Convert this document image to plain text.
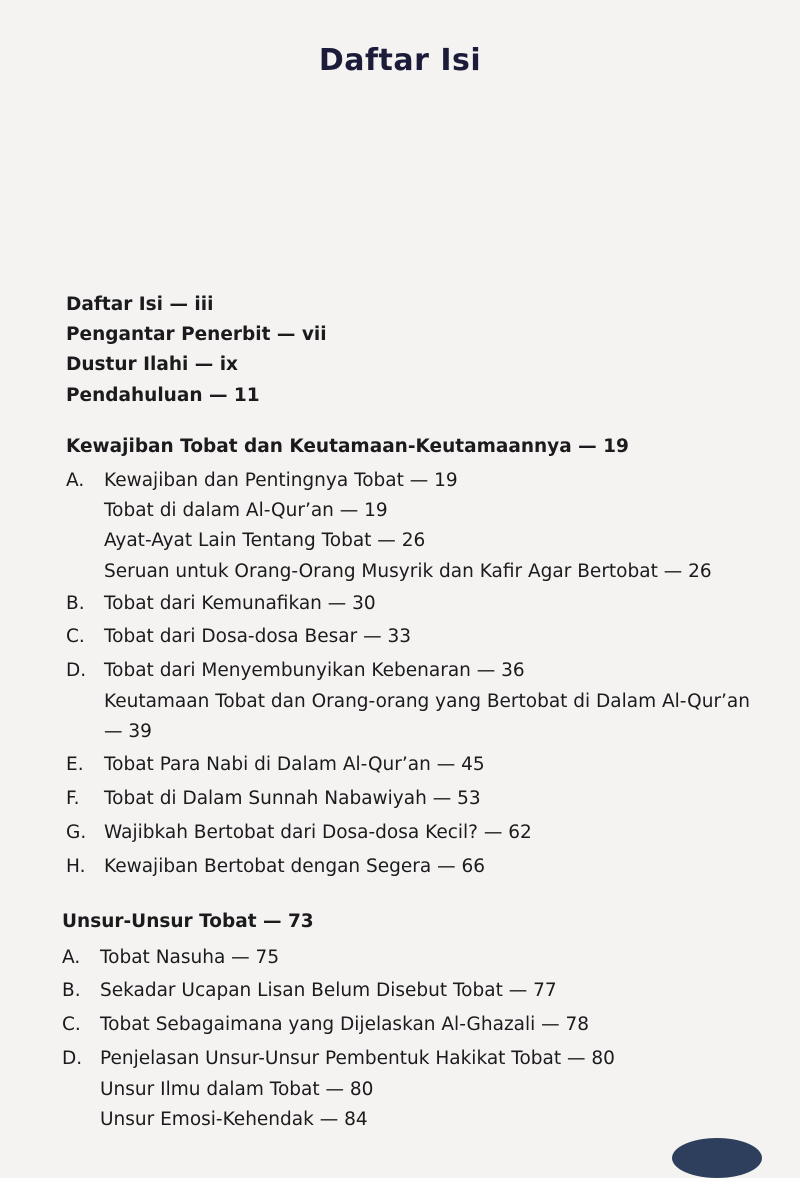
Daftar Isi
Daftar Isi — iii
Pengantar Penerbit — vii
Dustur Ilahi — ix
Pendahuluan — 11
Kewajiban Tobat dan Keutamaan-Keutamaannya — 19
A. Kewajiban dan Pentingnya Tobat — 19
Tobat di dalam Al-Qur’an — 19
Ayat-Ayat Lain Tentang Tobat — 26
Seruan untuk Orang-Orang Musyrik dan Kafir Agar Bertobat — 26
B. Tobat dari Kemunafikan — 30
C. Tobat dari Dosa-dosa Besar — 33
D. Tobat dari Menyembunyikan Kebenaran — 36
Keutamaan Tobat dan Orang-orang yang Bertobat di Dalam Al-Qur’an
— 39
E. Tobat Para Nabi di Dalam Al-Qur’an — 45
F. Tobat di Dalam Sunnah Nabawiyah — 53
G. Wajibkah Bertobat dari Dosa-dosa Kecil? — 62
H. Kewajiban Bertobat dengan Segera — 66
Unsur-Unsur Tobat — 73
A. Tobat Nasuha — 75
B. Sekadar Ucapan Lisan Belum Disebut Tobat — 77
C. Tobat Sebagaimana yang Dijelaskan Al-Ghazali — 78
D. Penjelasan Unsur-Unsur Pembentuk Hakikat Tobat — 80
Unsur Ilmu dalam Tobat — 80
Unsur Emosi-Kehendak — 84
